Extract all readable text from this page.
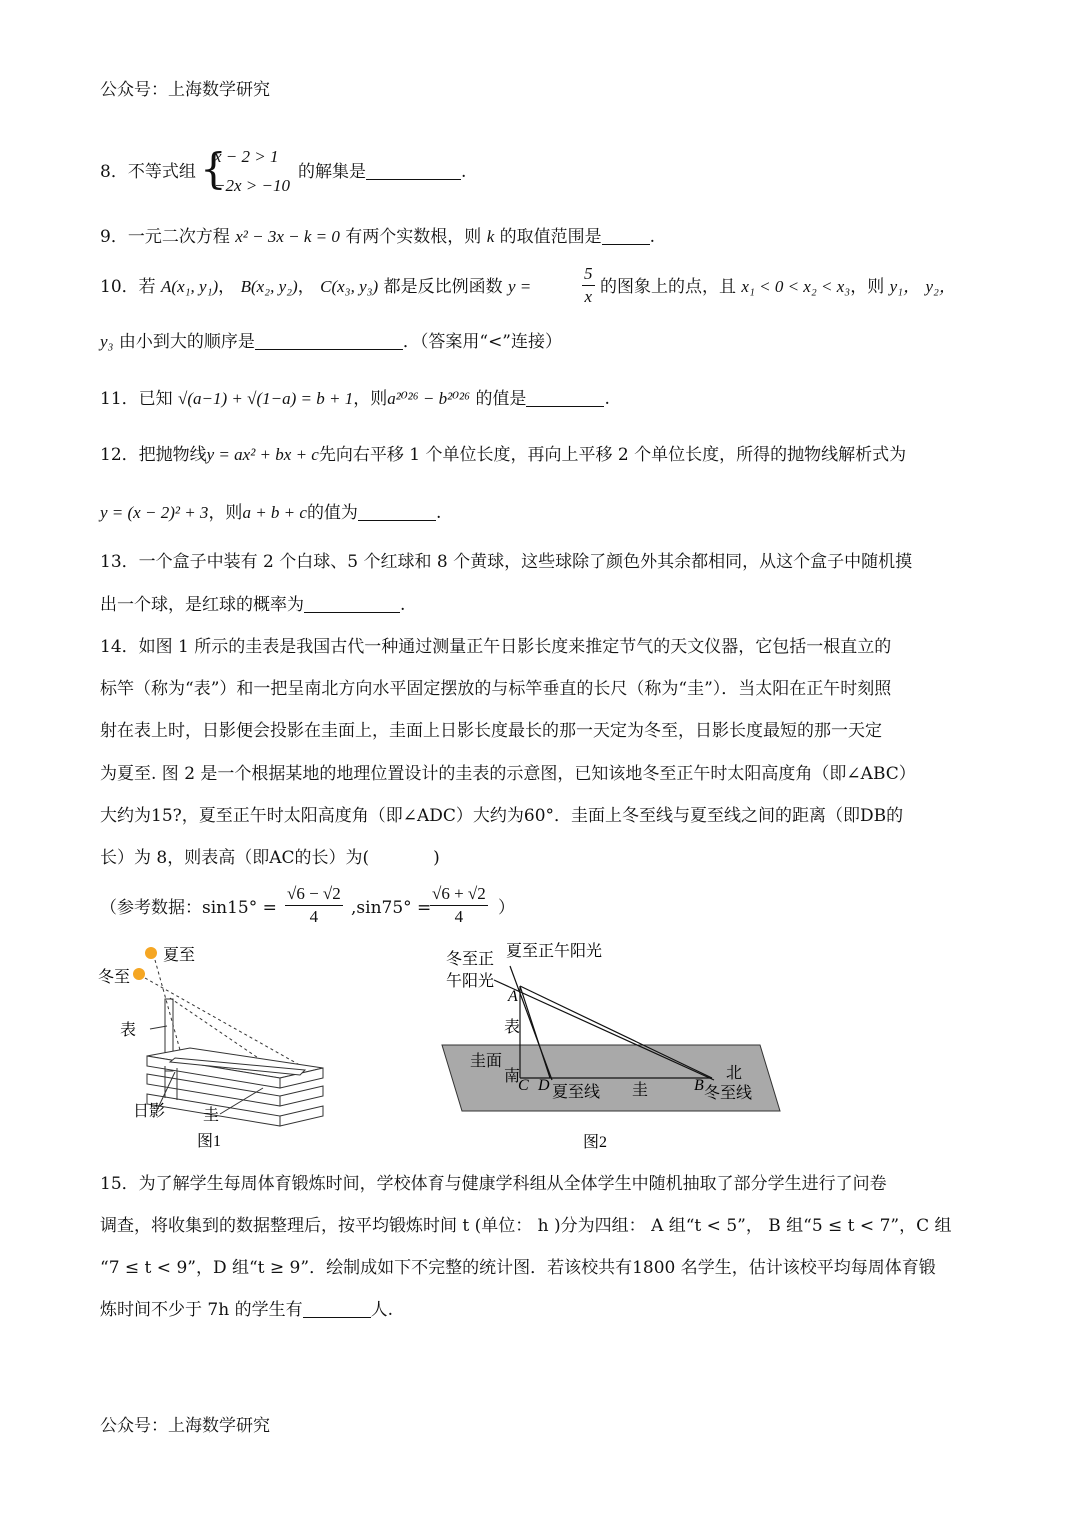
公众号：上海数学研究
8．不等式组 {
x − 2 > 1
−2x > −10
的解集是	.
9．一元二次方程 x² − 3x − k = 0 有两个实数根，则 k 的取值范围是	.
10．若 A(x₁, y₁)， B(x₂, y₂)， C(x₃, y₃) 都是反比例函数 y =	$\frac{5}{x}$ 的图象上的点，且 x₁ < 0 < x₂ < x₃，则 y₁， y₂，
y₃ 由小到大的顺序是	．（答案用“<”连接）
11．已知 √(a−1) + √(1−a) = b + 1，则a²⁰²⁶ − b²⁰²⁶ 的值是	.
12．把抛物线y = ax² + bx + c先向右平移 1 个单位长度，再向上平移 2 个单位长度，所得的抛物线解析式为
y = (x − 2)² + 3，则a + b + c的值为	.
13．一个盒子中装有 2 个白球、5 个红球和 8 个黄球，这些球除了颜色外其余都相同，从这个盒子中随机摸
出一个球，是红球的概率为	.
14．如图 1 所示的圭表是我国古代一种通过测量正午日影长度来推定节气的天文仪器，它包括一根直立的
标竿（称为“表”）和一把呈南北方向水平固定摆放的与标竿垂直的长尺（称为“圭”）．当太阳在正午时刻照
射在表上时，日影便会投影在圭面上，圭面上日影长度最长的那一天定为冬至，日影长度最短的那一天定
为夏至. 图 2 是一个根据某地的地理位置设计的圭表的示意图，已知该地冬至正午时太阳高度角（即∠ABC）
大约为15?，夏至正午时太阳高度角（即∠ADC）大约为60°．圭面上冬至线与夏至线之间的距离（即DB的
长）为 8，则表高（即AC的长）为(	)
（参考数据：$\sin 15^\circ = \frac{√6 - √2}{4} ,\sin 75^\circ$ =
$\frac{√6 + √2}{4}$ ）
夏至
冬至
表
日影 圭
图1
夏至正午阳光
冬至正
午阳光
A
表
圭面
南
C D 夏至线 圭	B
北
冬至线
图2
15．为了解学生每周体育锻炼时间，学校体育与健康学科组从全体学生中随机抽取了部分学生进行了问卷
调查，将收集到的数据整理后，按平均锻炼时间 t (单位： h )分为四组： A 组“t < 5”， B 组“5 ≤ t < 7”，C 组
“7 ≤ t < 9”，D 组“t ≥ 9”．绘制成如下不完整的统计图．若该校共有1800 名学生，估计该校平均每周体育锻
炼时间不少于 7h 的学生有	人.
公众号：上海数学研究
